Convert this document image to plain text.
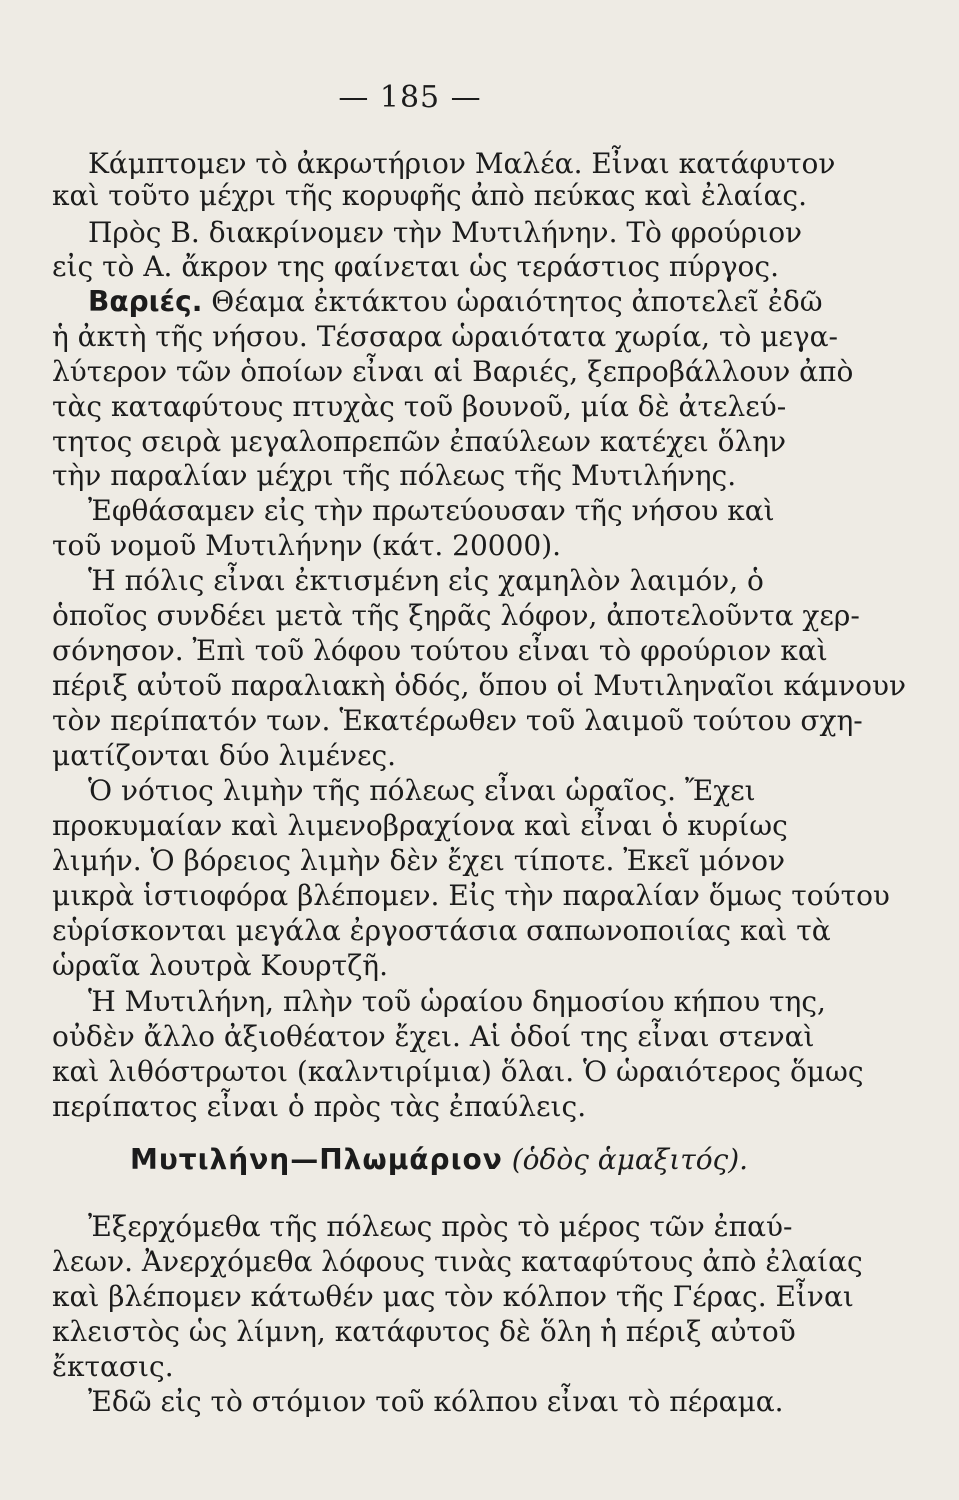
— 185 —
Κάμπτομεν τὸ ἀκρωτήριον Μαλέα. Εἶναι κατάφυτον
καὶ τοῦτο μέχρι τῆς κορυφῆς ἀπὸ πεύκας καὶ ἐλαίας.
Πρὸς Β. διακρίνομεν τὴν Μυτιλήνην. Τὸ φρούριον
εἰς τὸ Α. ἄκρον της φαίνεται ὡς τεράστιος πύργος.
Βαριές. Θέαμα ἐκτάκτου ὡραιότητος ἀποτελεῖ ἐδῶ
ἡ ἀκτὴ τῆς νήσου. Τέσσαρα ὡραιότατα χωρία, τὸ μεγα-
λύτερον τῶν ὁποίων εἶναι αἱ Βαριές, ξεπροβάλλουν ἀπὸ
τὰς καταφύτους πτυχὰς τοῦ βουνοῦ, μία δὲ ἀτελεύ-
τητος σειρὰ μεγαλοπρεπῶν ἐπαύλεων κατέχει ὅλην
τὴν παραλίαν μέχρι τῆς πόλεως τῆς Μυτιλήνης.
Ἐφθάσαμεν εἰς τὴν πρωτεύουσαν τῆς νήσου καὶ
τοῦ νομοῦ Μυτιλήνην (κάτ. 20000).
Ἡ πόλις εἶναι ἐκτισμένη εἰς χαμηλὸν λαιμόν, ὁ
ὁποῖος συνδέει μετὰ τῆς ξηρᾶς λόφον, ἀποτελοῦντα χερ-
σόνησον. Ἐπὶ τοῦ λόφου τούτου εἶναι τὸ φρούριον καὶ
πέριξ αὐτοῦ παραλιακὴ ὁδός, ὅπου οἱ Μυτιληναῖοι κάμνουν
τὸν περίπατόν των. Ἑκατέρωθεν τοῦ λαιμοῦ τούτου σχη-
ματίζονται δύο λιμένες.
Ὁ νότιος λιμὴν τῆς πόλεως εἶναι ὡραῖος. Ἔχει
προκυμαίαν καὶ λιμενοβραχίονα καὶ εἶναι ὁ κυρίως
λιμήν. Ὁ βόρειος λιμὴν δὲν ἔχει τίποτε. Ἐκεῖ μόνον
μικρὰ ἱστιοφόρα βλέπομεν. Εἰς τὴν παραλίαν ὅμως τούτου
εὑρίσκονται μεγάλα ἐργοστάσια σαπωνοποιίας καὶ τὰ
ὡραῖα λουτρὰ Κουρτζῆ.
Ἡ Μυτιλήνη, πλὴν τοῦ ὡραίου δημοσίου κήπου της,
οὐδὲν ἄλλο ἀξιοθέατον ἔχει. Αἱ ὁδοί της εἶναι στεναὶ
καὶ λιθόστρωτοι (καλντιρίμια) ὅλαι. Ὁ ὡραιότερος ὅμως
περίπατος εἶναι ὁ πρὸς τὰς ἐπαύλεις.
Μυτιλήνη—Πλωμάριον (ὁδὸς ἁμαξιτός).
Ἐξερχόμεθα τῆς πόλεως πρὸς τὸ μέρος τῶν ἐπαύ-
λεων. Ἀνερχόμεθα λόφους τινὰς καταφύτους ἀπὸ ἐλαίας
καὶ βλέπομεν κάτωθέν μας τὸν κόλπον τῆς Γέρας. Εἶναι
κλειστὸς ὡς λίμνη, κατάφυτος δὲ ὅλη ἡ πέριξ αὐτοῦ
ἔκτασις.
Ἐδῶ εἰς τὸ στόμιον τοῦ κόλπου εἶναι τὸ πέραμα.
